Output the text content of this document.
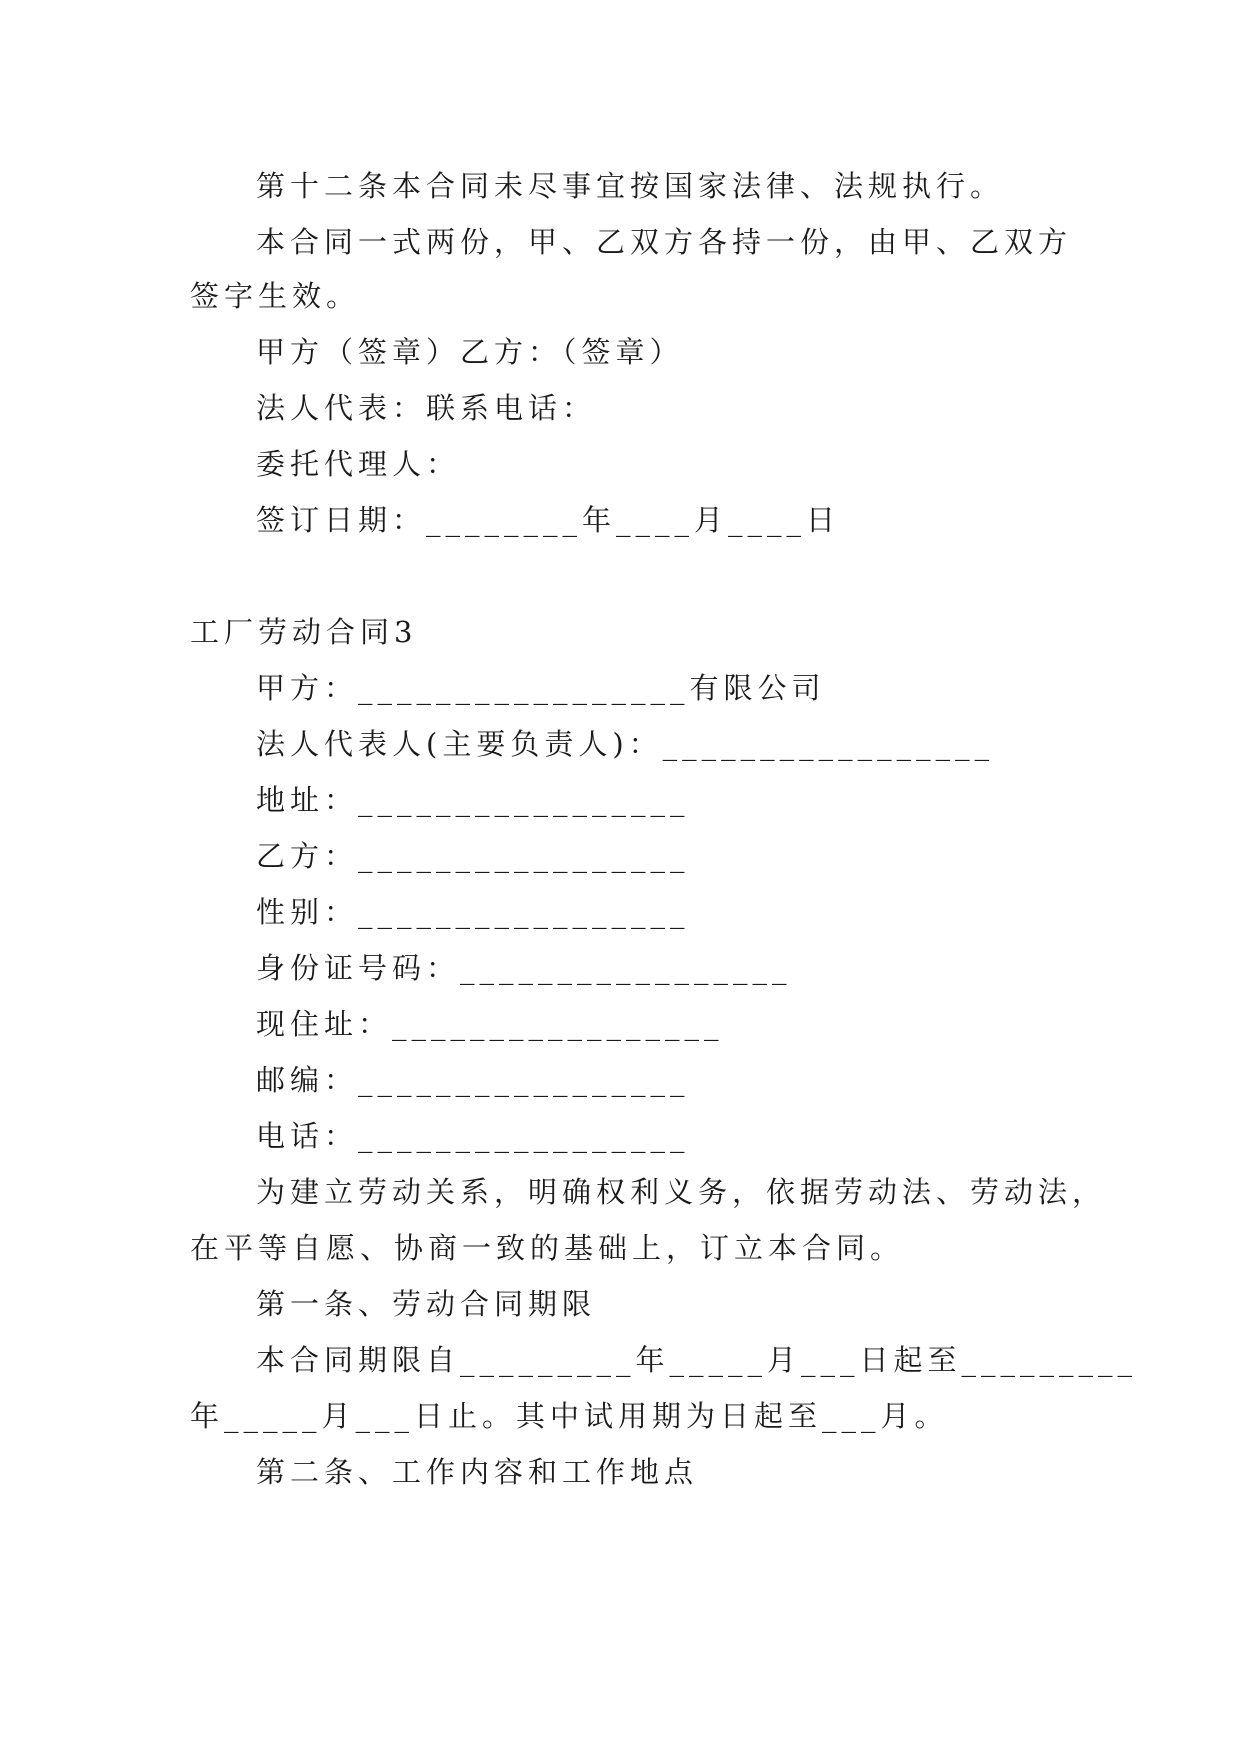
第十二条本合同未尽事宜按国家法律、法规执行。
本合同一式两份，甲、乙双方各持一份，由甲、乙双方
签字生效。
甲方（签章）乙方：（签章）
法人代表：联系电话：
委托代理人：
签订日期：________年____月____日
工厂劳动合同3
甲方：_________________有限公司
法人代表人(主要负责人)：_________________
地址：_________________
乙方：_________________
性别：_________________
身份证号码：_________________
现住址：_________________
邮编：_________________
电话：_________________
为建立劳动关系，明确权利义务，依据劳动法、劳动法，
在平等自愿、协商一致的基础上，订立本合同。
第一条、劳动合同期限
本合同期限自_________年_____月___日起至_________
年_____月___日止。其中试用期为日起至___月。
第二条、工作内容和工作地点
